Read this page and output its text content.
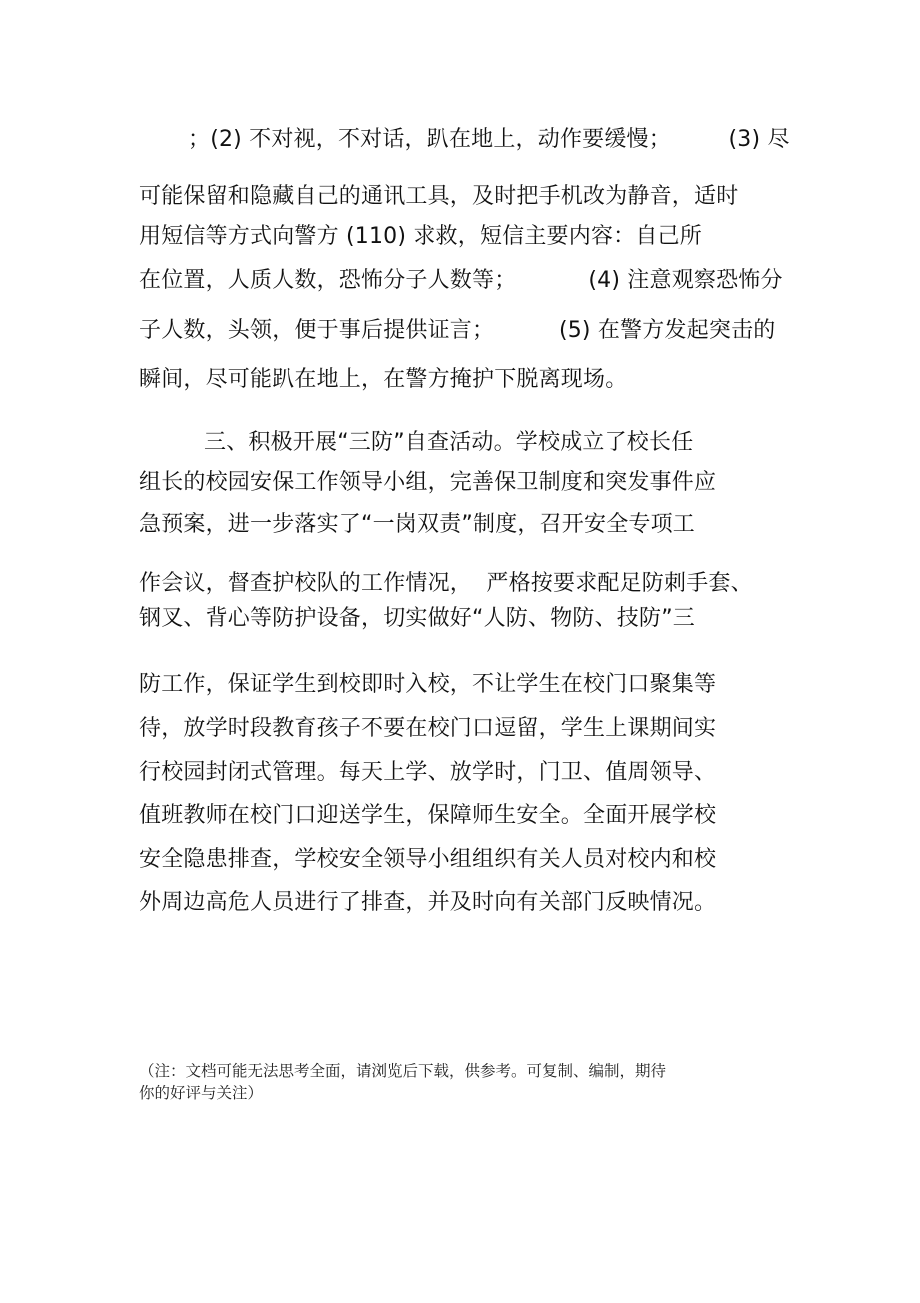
；(2) 不对视，不对话，趴在地上，动作要缓慢；        (3) 尽
可能保留和隐藏自己的通讯工具，及时把手机改为静音，适时
用短信等方式向警方 (110) 求救，短信主要内容：自己所
在位置，人质人数，恐怖分子人数等；          (4) 注意观察恐怖分
子人数，头领，便于事后提供证言；         (5) 在警方发起突击的
瞬间，尽可能趴在地上，在警方掩护下脱离现场。
三、积极开展“三防”自查活动。学校成立了校长任
组长的校园安保工作领导小组，完善保卫制度和突发事件应
急预案，进一步落实了“一岗双责”制度，召开安全专项工
作会议，督查护校队的工作情况，  严格按要求配足防刺手套、
钢叉、背心等防护设备，切实做好“人防、物防、技防”三
防工作，保证学生到校即时入校，不让学生在校门口聚集等
待，放学时段教育孩子不要在校门口逗留，学生上课期间实
行校园封闭式管理。每天上学、放学时，门卫、值周领导、
值班教师在校门口迎送学生，保障师生安全。全面开展学校
安全隐患排查，学校安全领导小组组织有关人员对校内和校
外周边高危人员进行了排查，并及时向有关部门反映情况。
（注：文档可能无法思考全面，请浏览后下载，供参考。可复制、编制，期待
你的好评与关注）
